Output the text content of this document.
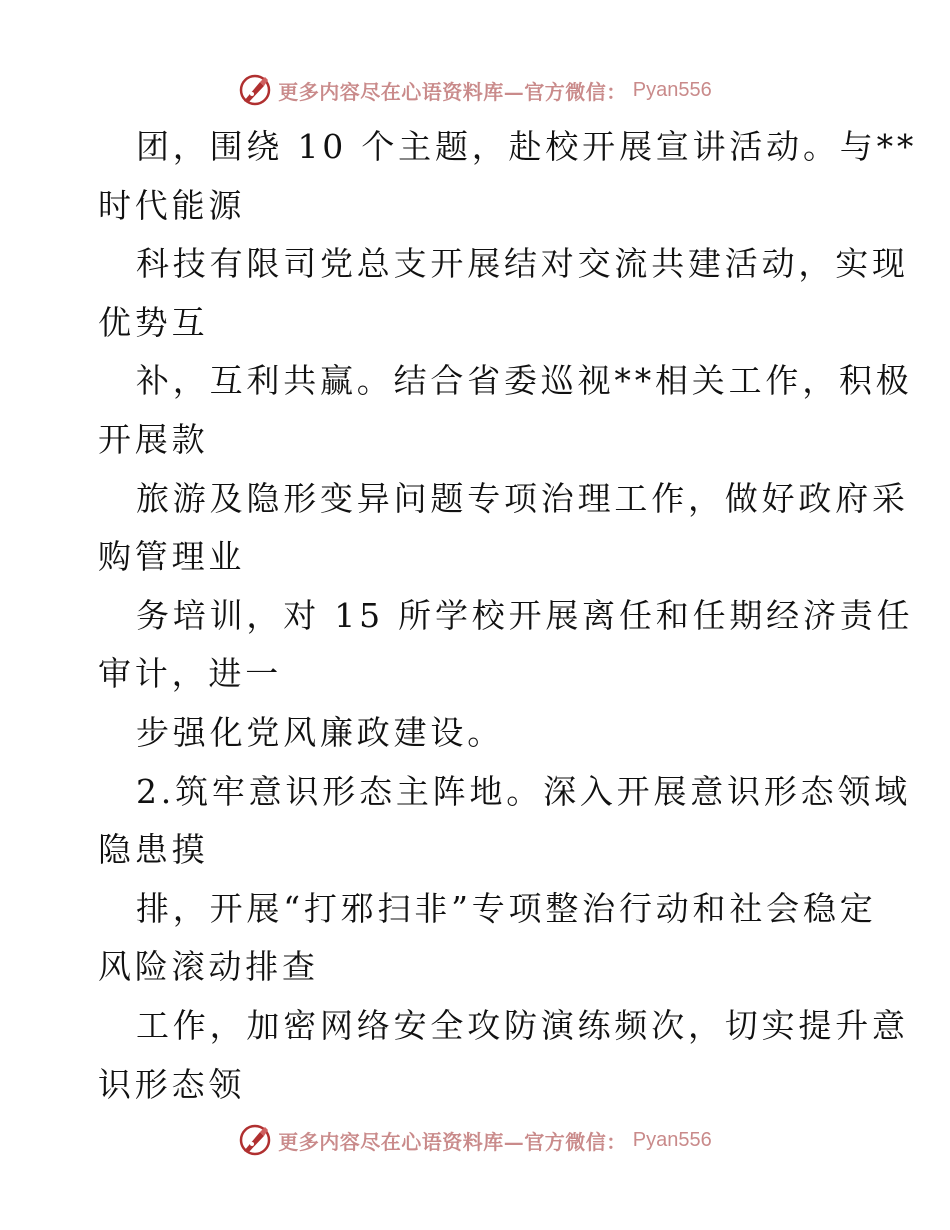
更多内容尽在心语资料库—官方微信： Pyan556
团，围绕 10 个主题，赴校开展宣讲活动。与**
时代能源
科技有限司党总支开展结对交流共建活动，实现
优势互
补，互利共赢。结合省委巡视**相关工作，积极
开展款
旅游及隐形变异问题专项治理工作，做好政府采
购管理业
务培训，对 15 所学校开展离任和任期经济责任
审计，进一
步强化党风廉政建设。
2.筑牢意识形态主阵地。深入开展意识形态领域
隐患摸
排，开展“打邪扫非”专项整治行动和社会稳定
风险滚动排查
工作，加密网络安全攻防演练频次，切实提升意
识形态领
更多内容尽在心语资料库—官方微信： Pyan556
